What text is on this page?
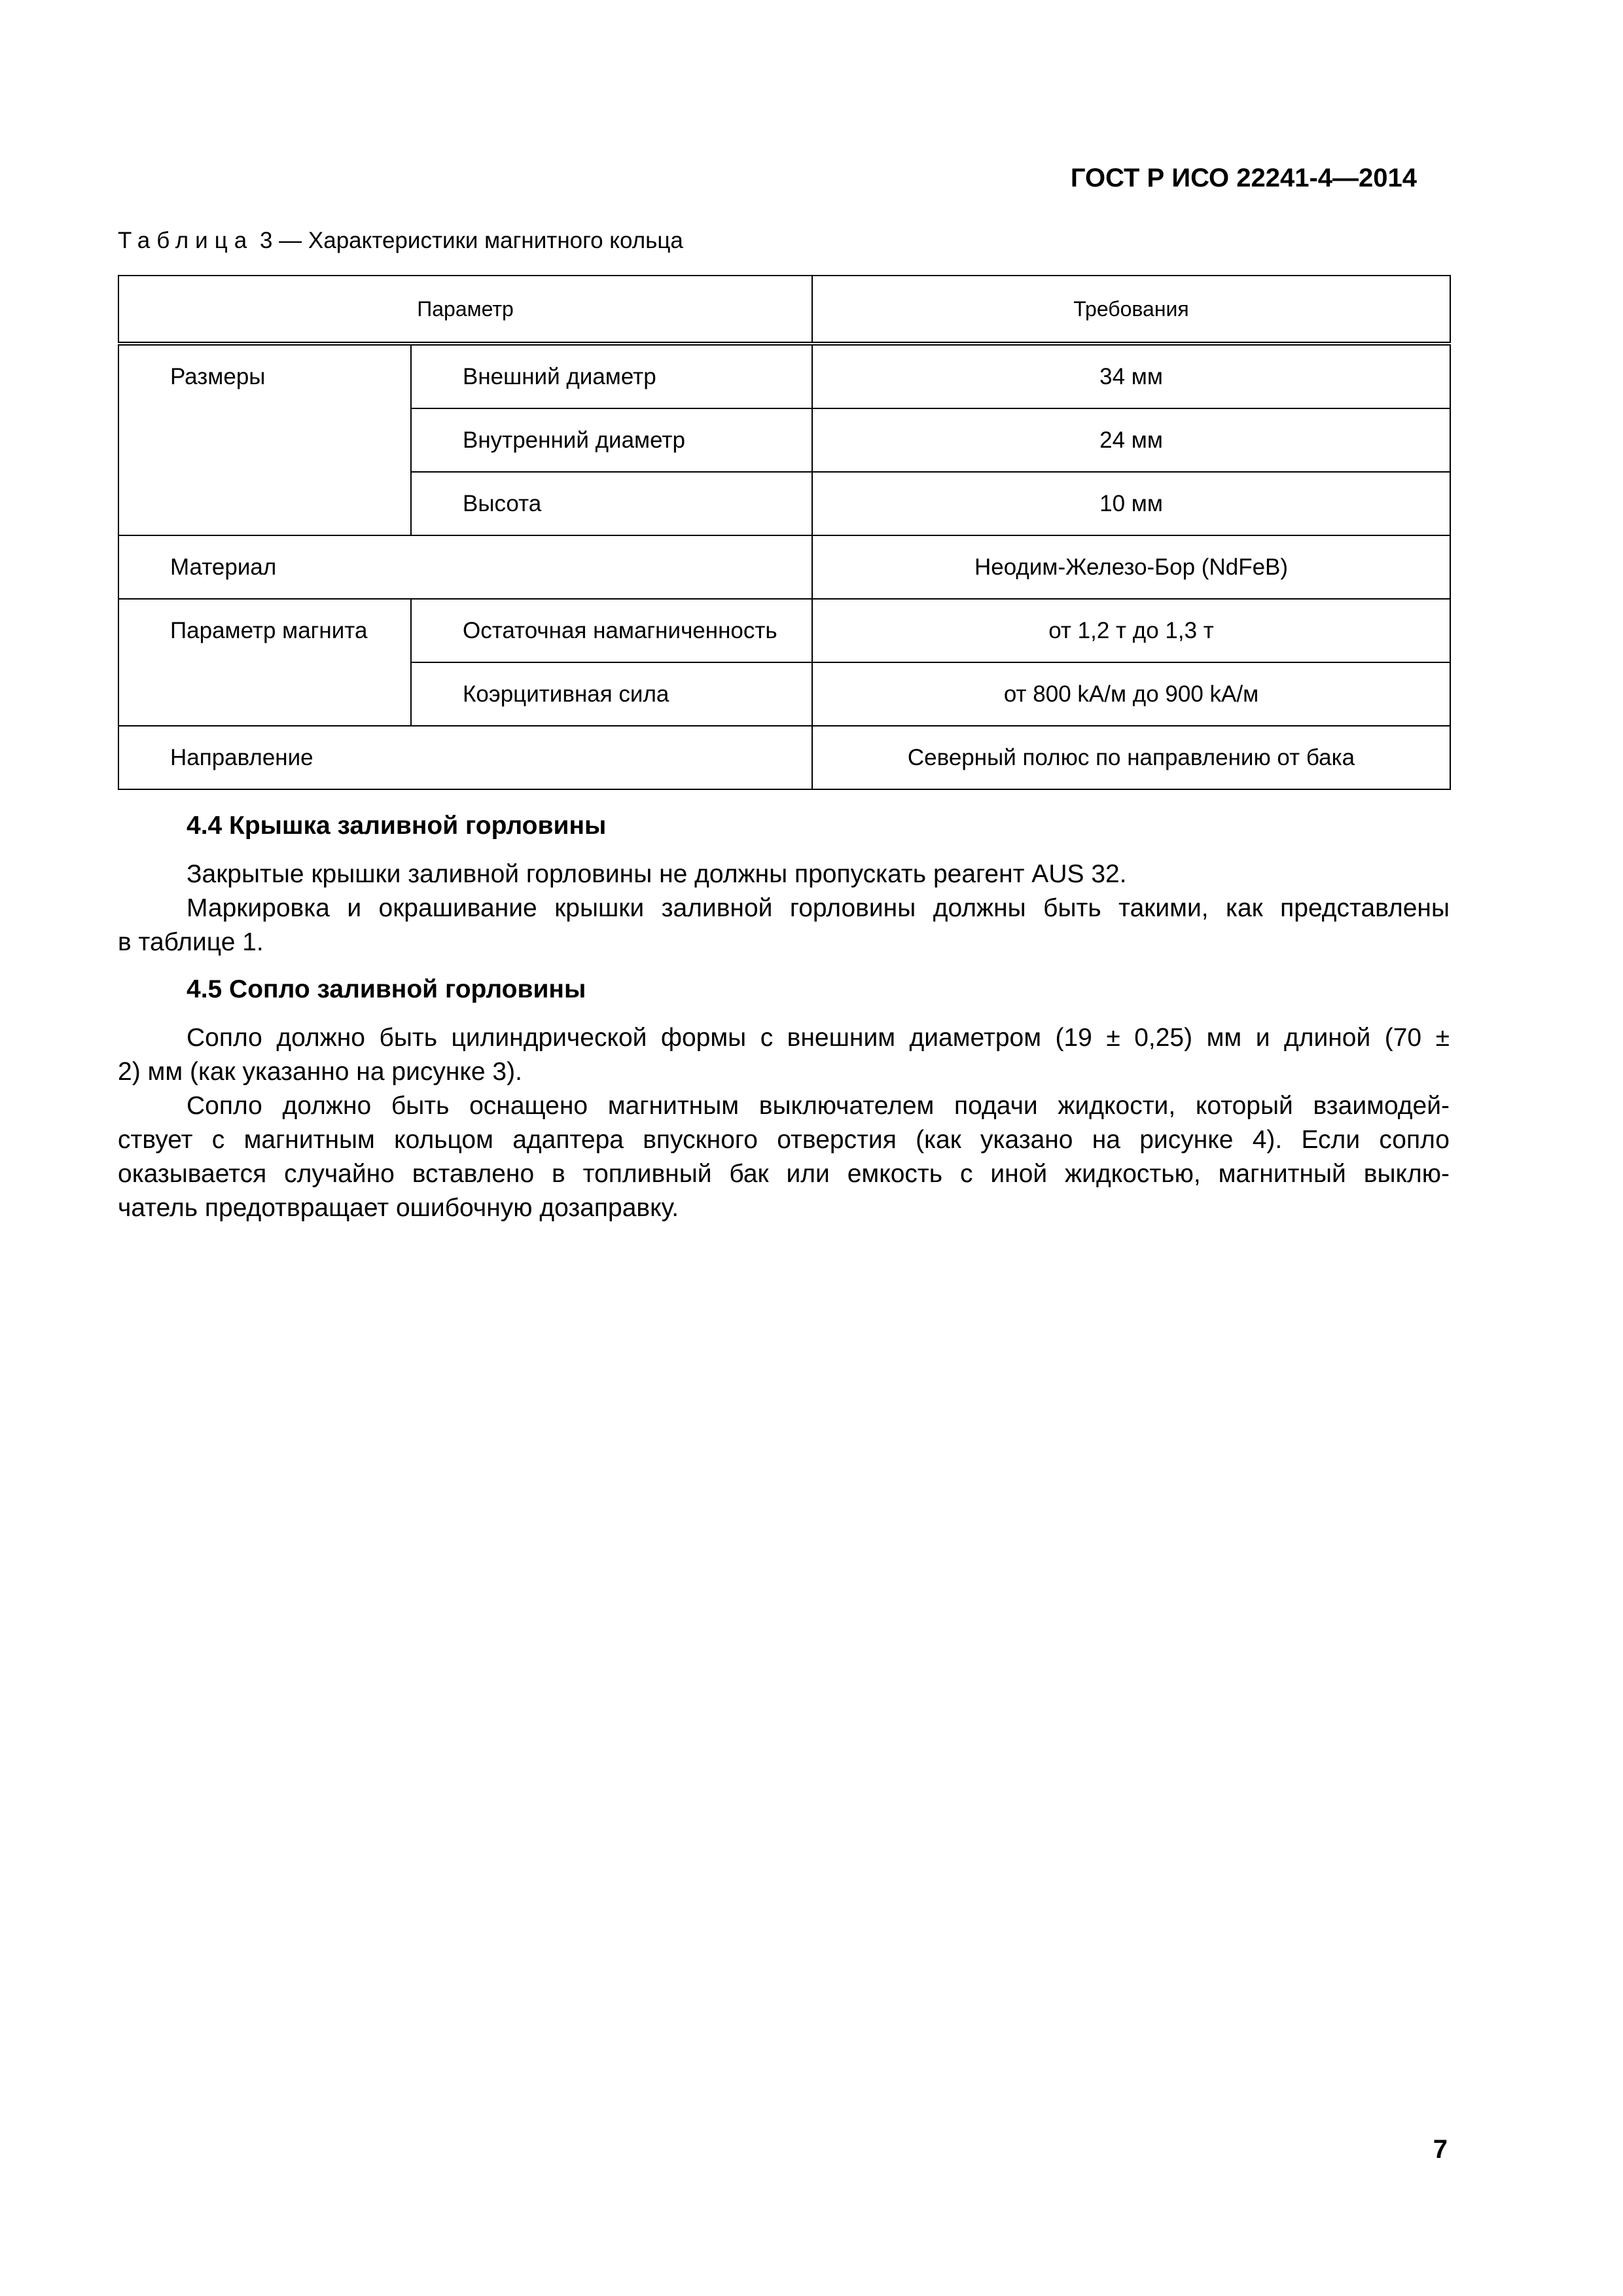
ГОСТ Р ИСО 22241-4—2014
Таблица 3 — Характеристики магнитного кольца
Параметр		Требования
Размеры	Внешний диаметр	34 мм
	Внутренний диаметр	24 мм
	Высота	10 мм
Материал		Неодим-Железо-Бор (NdFeB)
Параметр магнита	Остаточная намагниченность	от 1,2 т до 1,3 т
	Коэрцитивная сила	от 800 kA/м до 900 kA/м
Направление		Северный полюс по направлению от бака
4.4 Крышка заливной горловины
Закрытые крышки заливной горловины не должны пропускать реагент AUS 32.
Маркировка и окрашивание крышки заливной горловины должны быть такими, как представлены
в таблице 1.
4.5 Сопло заливной горловины
Сопло должно быть цилиндрической формы с внешним диаметром (19 ± 0,25) мм и длиной (70 ±
2) мм (как указанно на рисунке 3).
Сопло должно быть оснащено магнитным выключателем подачи жидкости, который взаимодей-
ствует с магнитным кольцом адаптера впускного отверстия (как указано на рисунке 4). Если сопло
оказывается случайно вставлено в топливный бак или емкость с иной жидкостью, магнитный выклю-
чатель предотвращает ошибочную дозаправку.
7
